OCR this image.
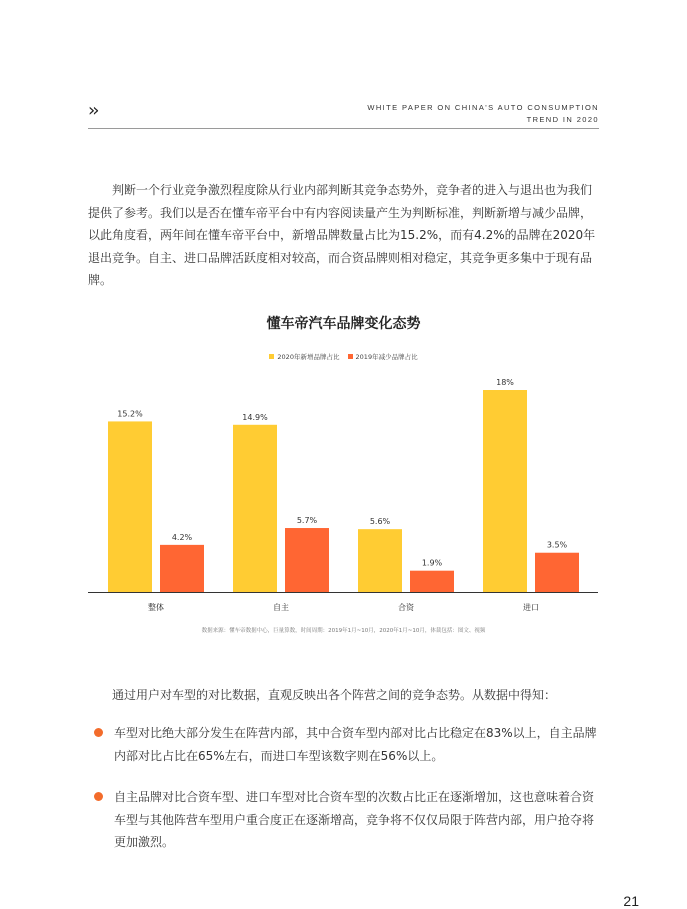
››	WHITE PAPER ON CHINA'S AUTO CONSUMPTION
TREND IN 2020
判断一个行业竞争激烈程度除从行业内部判断其竞争态势外，竞争者的进入与退出也为我们提供了参考。我们以是否在懂车帝平台中有内容阅读量产生为判断标准，判断新增与减少品牌，以此角度看，两年间在懂车帝平台中，新增品牌数量占比为15.2%，而有4.2%的品牌在2020年退出竞争。自主、进口品牌活跃度相对较高，而合资品牌则相对稳定，其竞争更多集中于现有品牌。
懂车帝汽车品牌变化态势
2020年新增品牌占比
2019年减少品牌占比
15.2%
4.2%
整体
14.9%
5.7%
自主
5.6%
1.9%
合资
18%
3.5%
进口
数据来源：懂车帝数据中心，巨量算数，时间周期：2019年1月~10月，2020年1月~10月，体裁包括：图文、视频
通过用户对车型的对比数据，直观反映出各个阵营之间的竞争态势。从数据中得知：
车型对比绝大部分发生在阵营内部，其中合资车型内部对比占比稳定在83%以上，自主品牌内部对比占比在65%左右，而进口车型该数字则在56%以上。
自主品牌对比合资车型、进口车型对比合资车型的次数占比正在逐渐增加，这也意味着合资车型与其他阵营车型用户重合度正在逐渐增高，竞争将不仅仅局限于阵营内部，用户抢夺将更加激烈。
21
